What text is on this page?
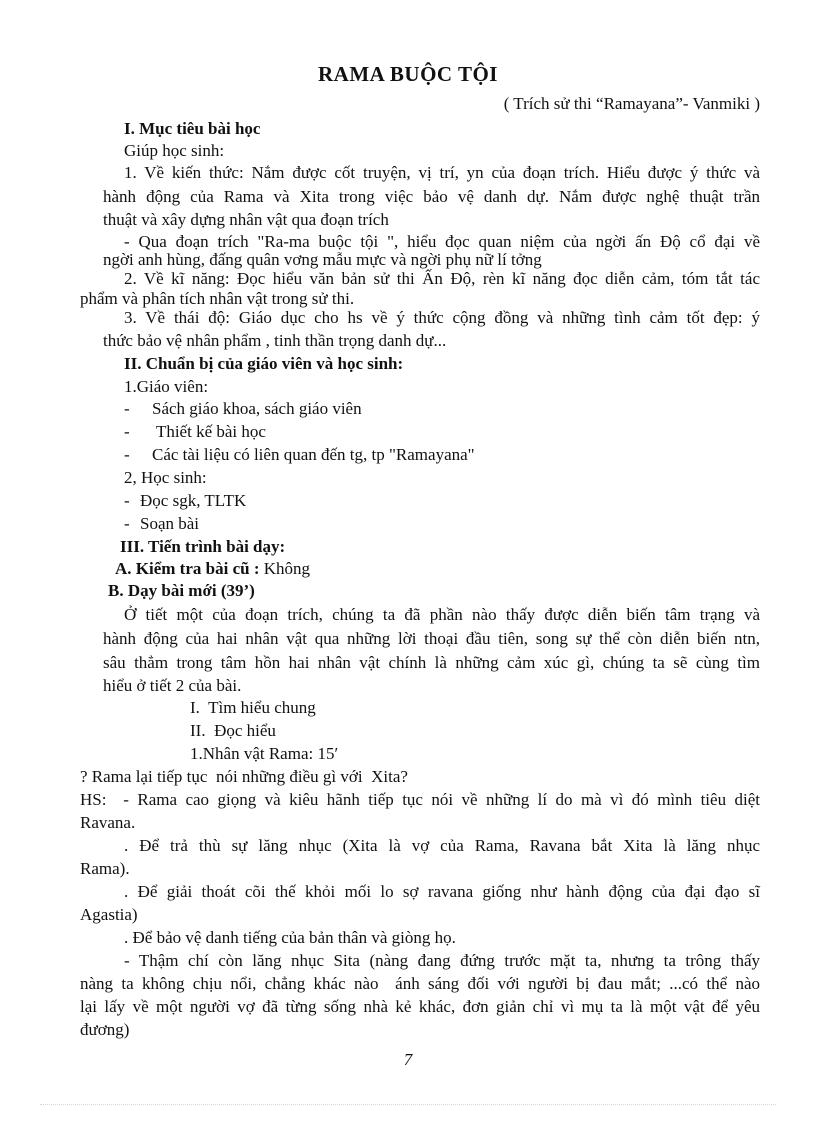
RAMA BUỘC TỘI
( Trích sử thi “Ramayana”- Vanmiki )
I. Mục tiêu bài học
Giúp học sinh:
1. Về kiến thức: Nắm được cốt truyện, vị trí, yn của đoạn trích. Hiểu được ý thức và
hành động của Rama và Xita trong việc bảo vệ danh dự. Nắm được nghệ thuật trần
thuật và xây dựng nhân vật qua đoạn trích
- Qua đoạn trích "Ra-ma buộc tội ", hiểu đọc quan niệm của ngời ấn Độ cổ đại về
ngời anh hùng, đấng quân vơng mẫu mực và ngời phụ nữ lí tởng
2. Về kĩ năng: Đọc hiểu văn bản sử thi Ấn Độ, rèn kĩ năng đọc diễn cảm, tóm tắt tác
phẩm và phân tích nhân vật trong sử thi.
3. Về thái độ: Giáo dục cho hs về ý thức cộng đồng và những tình cảm tốt đẹp: ý
thức bảo vệ nhân phẩm , tinh thần trọng danh dự...
II. Chuẩn bị của giáo viên và học sinh:
1.Giáo viên:
- Sách giáo khoa, sách giáo viên
- Thiết kế bài học
- Các tài liệu có liên quan đến tg, tp "Ramayana"
2, Học sinh:
- Đọc sgk, TLTK
- Soạn bài
III. Tiến trình bài dạy:
A. Kiểm tra bài cũ : Không
B. Dạy bài mới (39’)
Ở tiết một của đoạn trích, chúng ta đã phần nào thấy được diễn biến tâm trạng và
hành động của hai nhân vật qua những lời thoại đầu tiên, song sự thể còn diễn biến ntn,
sâu thẳm trong tâm hồn hai nhân vật chính là những cảm xúc gì, chúng ta sẽ cùng tìm
hiểu ở tiết 2 của bài.
I.  Tìm hiểu chung
II.  Đọc hiểu
1.Nhân vật Rama: 15′
? Rama lại tiếp tục  nói những điều gì với  Xita?
HS:  - Rama cao giọng và kiêu hãnh tiếp tục nói về những lí do mà vì đó mình tiêu diệt
Ravana.
. Để trả thù sự lăng nhục (Xita là vợ của Rama, Ravana bắt Xita là lăng nhục
Rama).
. Để giải thoát cõi thế khỏi mối lo sợ ravana giống như hành động của đại đạo sĩ
Agastia)
. Để bảo vệ danh tiếng của bản thân và giòng họ.
- Thậm chí còn lăng nhục Sita (nàng đang đứng trước mặt ta, nhưng ta trông thấy
nàng ta không chịu nổi, chẳng khác nào  ánh sáng đối với người bị đau mắt; ...có thể nào
lại lấy về một người vợ đã từng sống nhà kẻ khác, đơn giản chỉ vì mụ ta là một vật để yêu
đương)
7
